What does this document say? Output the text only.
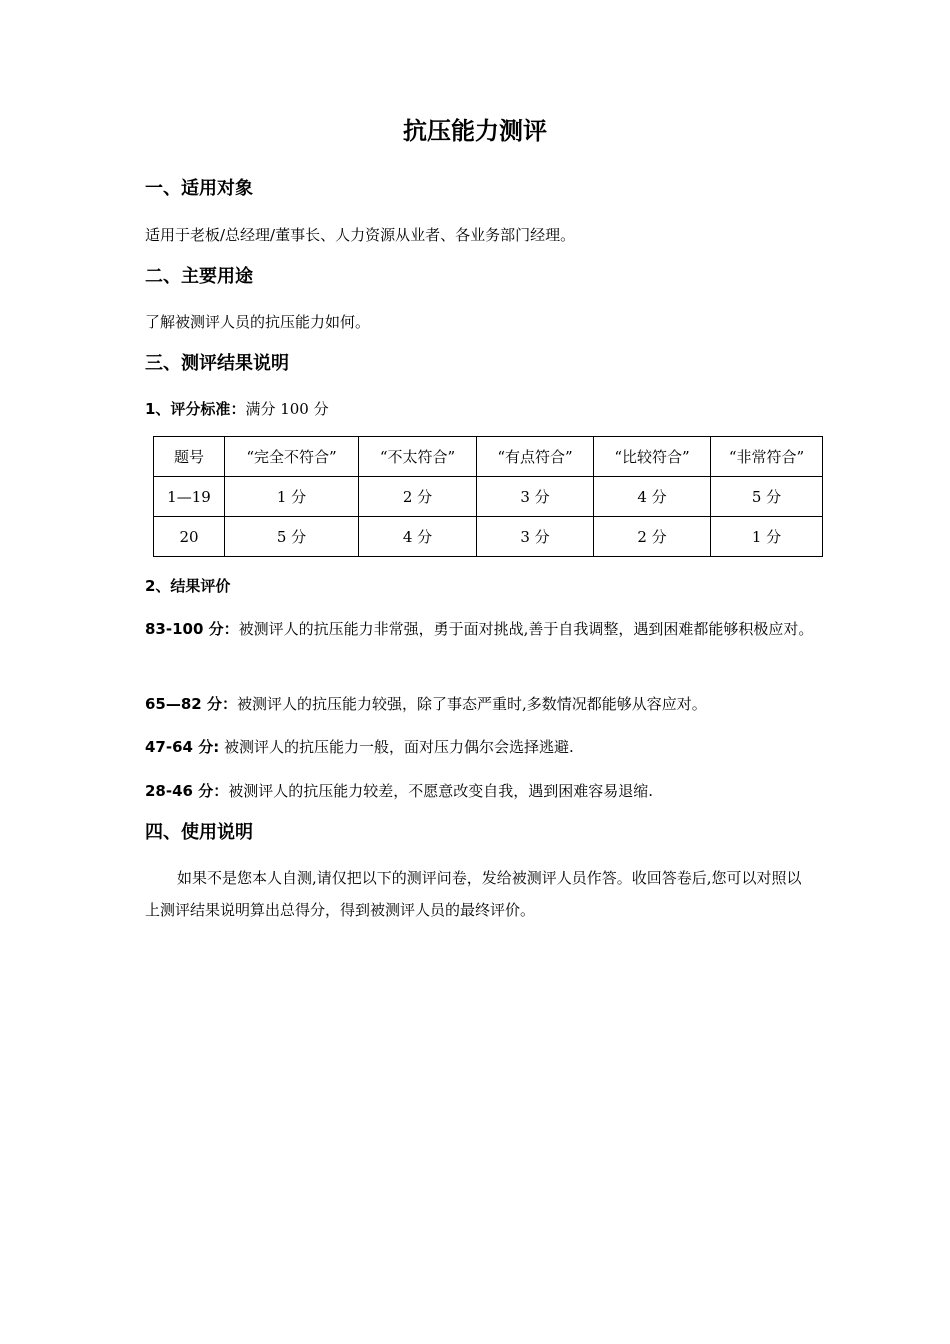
抗压能力测评
一、适用对象

适用于老板/总经理/董事长、人力资源从业者、各业务部门经理。

二、主要用途

了解被测评人员的抗压能力如何。

三、测评结果说明

1、评分标准：满分 100 分

题号	“完全不符合”	“不太符合”	“有点符合”	“比较符合”	“非常符合”
1—19	1 分	2 分	3 分	4 分	5 分
20	5 分	4 分	3 分	2 分	1 分

2、结果评价

83-100 分：被测评人的抗压能力非常强，勇于面对挑战,善于自我调整，遇到困难都能够积极应对。

65—82 分：被测评人的抗压能力较强，除了事态严重时,多数情况都能够从容应对。

47-64 分: 被测评人的抗压能力一般，面对压力偶尔会选择逃避.

28-46 分：被测评人的抗压能力较差，不愿意改变自我，遇到困难容易退缩.

四、使用说明

如果不是您本人自测,请仅把以下的测评问卷，发给被测评人员作答。收回答卷后,您可以对照以上测评结果说明算出总得分，得到被测评人员的最终评价。
